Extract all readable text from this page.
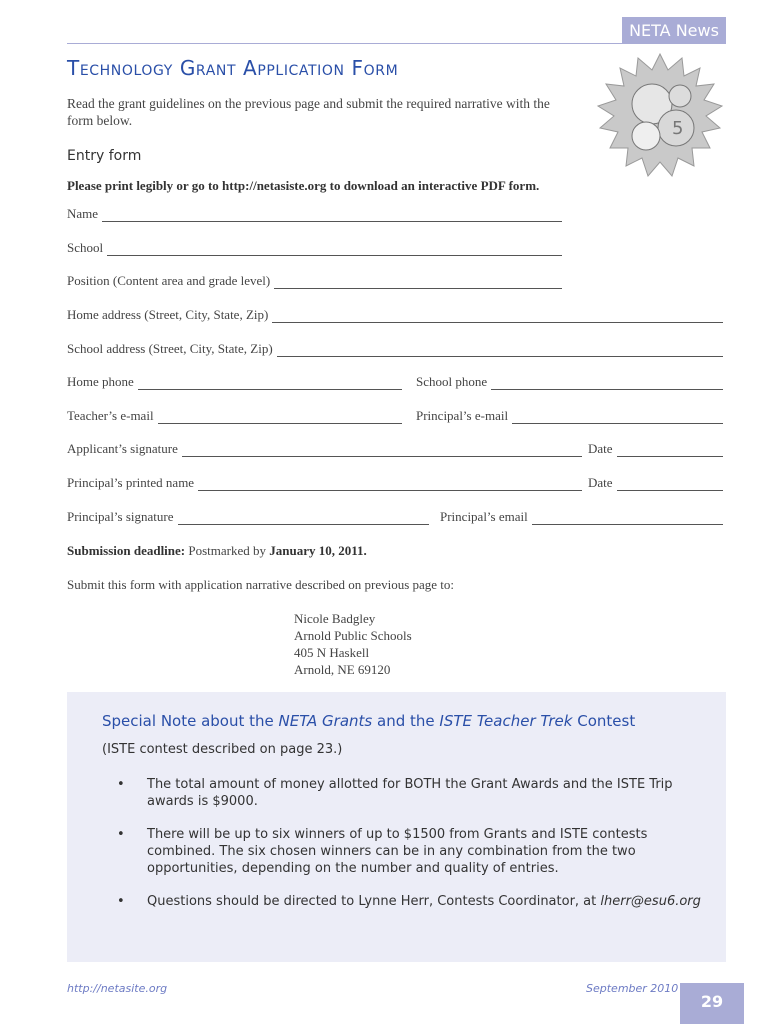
NETA News
Technology Grant Application Form
Read the grant guidelines on the previous page and submit the required narrative with the form below.	5
Entry form
Please print legibly or go to http://netasiste.org to download an interactive PDF form.
Name
School
Position (Content area and grade level)
Home address (Street, City, State, Zip)
School address (Street, City, State, Zip)
Home phone	School phone
Teacher’s e-mail	Principal’s e-mail
Applicant’s signature	Date
Principal’s printed name	Date
Principal’s signature	Principal’s email
Submission deadline: Postmarked by January 10, 2011.
Submit this form with application narrative described on previous page to:
Nicole Badgley
Arnold Public Schools
405 N Haskell
Arnold, NE 69120
Special Note about the NETA Grants and the ISTE Teacher Trek Contest
(ISTE contest described on page 23.)
•	The total amount of money allotted for BOTH the Grant Awards and the ISTE Trip awards is $9000.
•	There will be up to six winners of up to $1500 from Grants and ISTE contests combined. The six chosen winners can be in any combination from the two opportunities, depending on the number and quality of entries.
•	Questions should be directed to Lynne Herr, Contests Coordinator, at lherr@esu6.org
http://netasite.org	September 2010
29
